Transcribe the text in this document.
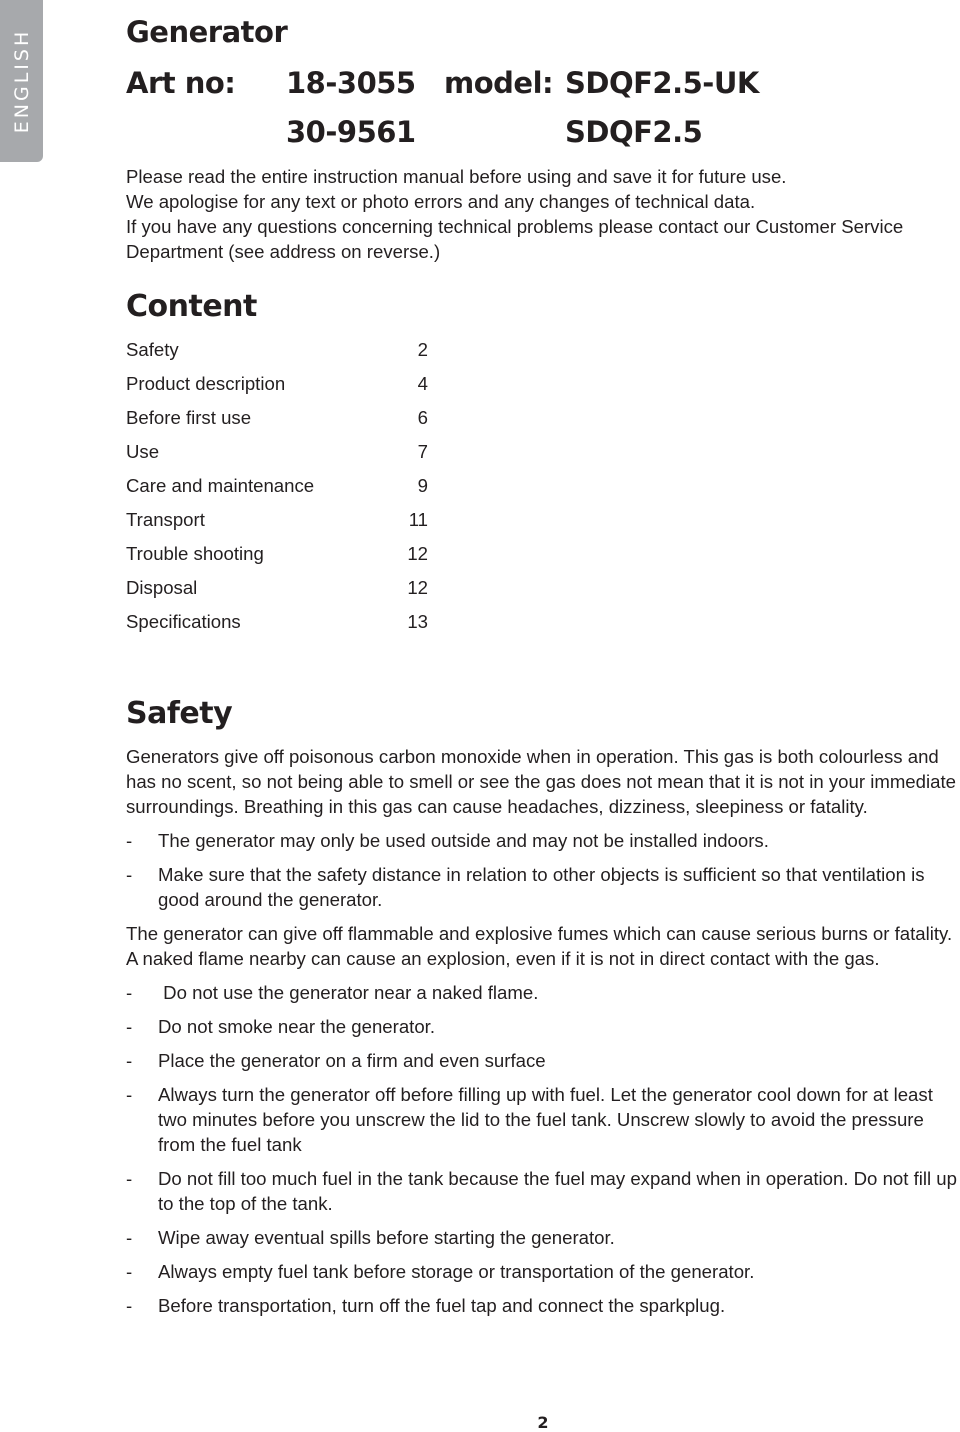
ENGLISH	Generator
Art no: 18-3055 model: SDQF2.5-UK
30-9561	SDQF2.5

Please read the entire instruction manual before using and save it for future use.

We apologise for any text or photo errors and any changes of technical data.

If you have any questions concerning technical problems please contact our Customer Service Department (see address on reverse.)

Content
Safety	2
Product description	4
Before first use	6
Use	7
Care and maintenance	9
Transport	11
Trouble shooting	12
Disposal	12
Specifications	13
Safety

Generators give off poisonous carbon monoxide when in operation. This gas is both colourless and has no scent, so not being able to smell or see the gas does not mean that it is not in your immediate surroundings. Breathing in this gas can cause headaches, dizziness, sleepiness or fatality.

- The generator may only be used outside and may not be installed indoors.
- Make sure that the safety distance in relation to other objects is sufficient so that ventilation is good around the generator.

The generator can give off flammable and explosive fumes which can cause serious burns or fatality. A naked flame nearby can cause an explosion, even if it is not in direct contact with the gas.

- Do not use the generator near a naked flame.
- Do not smoke near the generator.
- Place the generator on a firm and even surface
- Always turn the generator off before filling up with fuel. Let the generator cool down for at least two minutes before you unscrew the lid to the fuel tank. Unscrew slowly to avoid the pressure from the fuel tank
- Do not fill too much fuel in the tank because the fuel may expand when in operation. Do not fill up to the top of the tank.
- Wipe away eventual spills before starting the generator.
- Always empty fuel tank before storage or transportation of the generator.
- Before transportation, turn off the fuel tap and connect the sparkplug.
2
